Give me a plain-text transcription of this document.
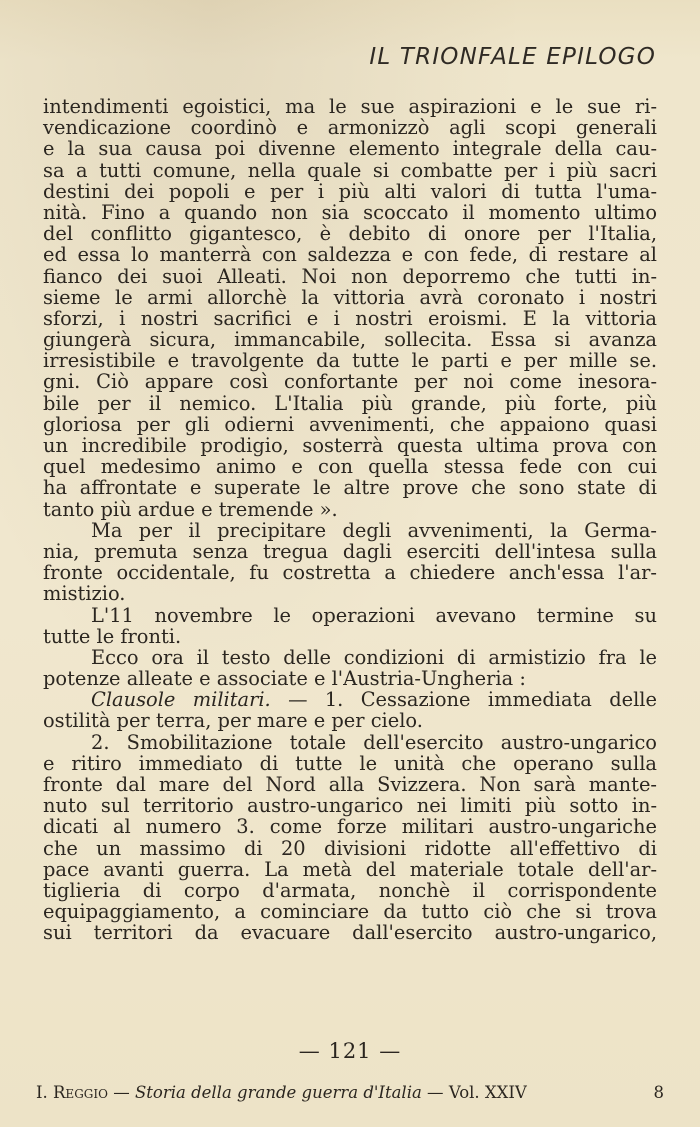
IL TRIONFALE EPILOGO
intendimenti egoistici, ma le sue aspirazioni e le sue ri-
vendicazione coordinò e armonizzò agli scopi generali
e la sua causa poi divenne elemento integrale della cau-
sa a tutti comune, nella quale si combatte per i più sacri
destini dei popoli e per i più alti valori di tutta l'uma-
nità. Fino a quando non sia scoccato il momento ultimo
del conflitto gigantesco, è debito di onore per l'Italia,
ed essa lo manterrà con saldezza e con fede, di restare al
fianco dei suoi Alleati. Noi non deporremo che tutti in-
sieme le armi allorchè la vittoria avrà coronato i nostri
sforzi, i nostri sacrifici e i nostri eroismi. E la vittoria
giungerà sicura, immancabile, sollecita. Essa si avanza
irresistibile e travolgente da tutte le parti e per mille se.
gni. Ciò appare così confortante per noi come inesora-
bile per il nemico. L'Italia più grande, più forte, più
gloriosa per gli odierni avvenimenti, che appaiono quasi
un incredibile prodigio, sosterrà questa ultima prova con
quel medesimo animo e con quella stessa fede con cui
ha affrontate e superate le altre prove che sono state di
tanto più ardue e tremende ».
Ma per il precipitare degli avvenimenti, la Germa-
nia, premuta senza tregua dagli eserciti dell'intesa sulla
fronte occidentale, fu costretta a chiedere anch'essa l'ar-
mistizio.
L'11 novembre le operazioni avevano termine su
tutte le fronti.
Ecco ora il testo delle condizioni di armistizio fra le
potenze alleate e associate e l'Austria-Ungheria :
Clausole militari. — 1. Cessazione immediata delle
ostilità per terra, per mare e per cielo.
2. Smobilitazione totale dell'esercito austro-ungarico
e ritiro immediato di tutte le unità che operano sulla
fronte dal mare del Nord alla Svizzera. Non sarà mante-
nuto sul territorio austro-ungarico nei limiti più sotto in-
dicati al numero 3. come forze militari austro-ungariche
che un massimo di 20 divisioni ridotte all'effettivo di
pace avanti guerra. La metà del materiale totale dell'ar-
tiglieria di corpo d'armata, nonchè il corrispondente
equipaggiamento, a cominciare da tutto ciò che si trova
sui territori da evacuare dall'esercito austro-ungarico,
— 121 —
I. Reggio — Storia della grande guerra d'Italia — Vol. XXIV	8
